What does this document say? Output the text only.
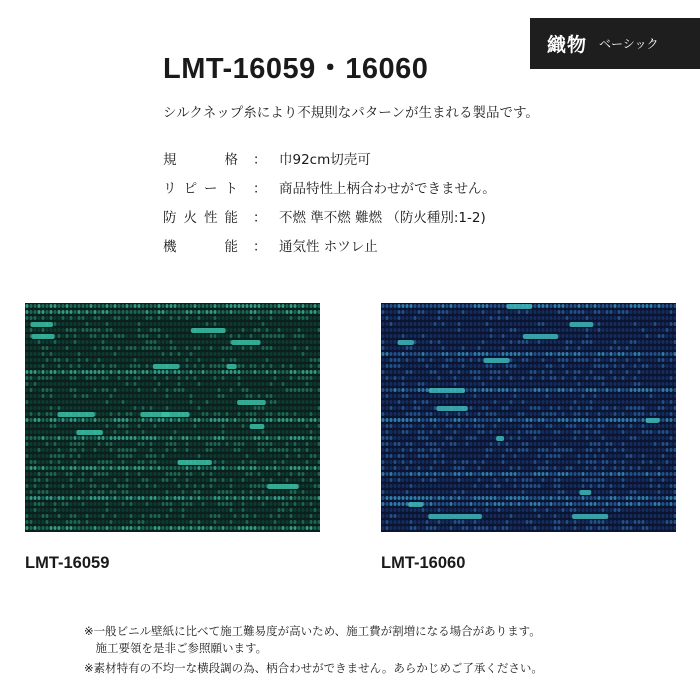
織物 ベーシック
LMT-16059・16060
シルクネップ糸により不規則なパターンが生まれる製品です。
規格 ： 巾92cm切売可
リピート ： 商品特性上柄合わせができません。
防火性能 ： 不燃 準不燃 難燃 （防火種別:1-2)
機能 ： 通気性 ホツレ止
LMT-16059	LMT-16060
※一般ビニル壁紙に比べて施工難易度が高いため、施工費が割増になる場合があります。
　施工要領を是非ご参照願います。
※素材特有の不均一な横段調の為、柄合わせができません。あらかじめご了承ください。
